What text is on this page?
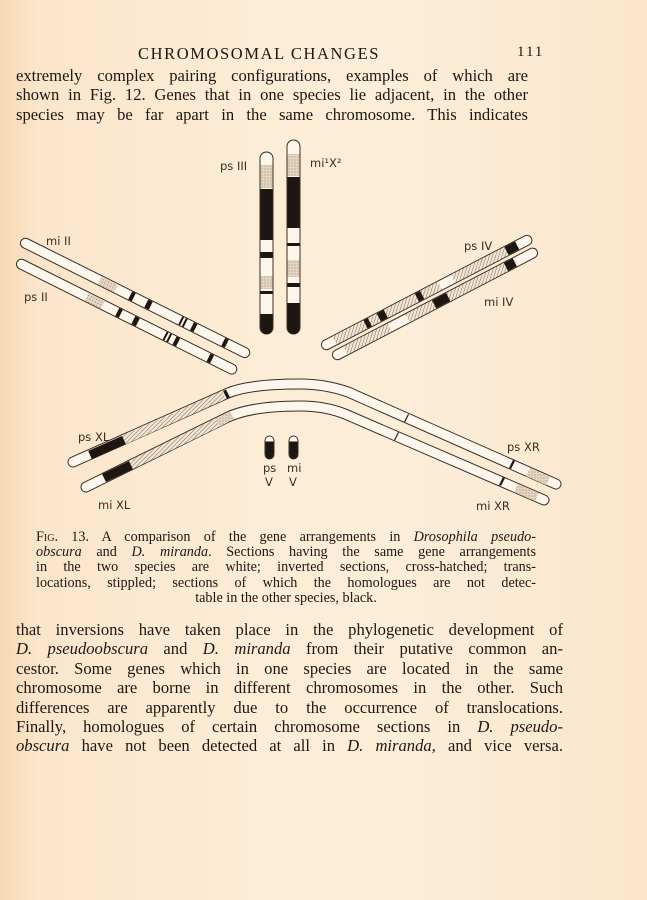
CHROMOSOMAL CHANGES	111
extremely complex pairing configurations, examples of which are
shown in Fig. 12. Genes that in one species lie adjacent, in the other
species may be far apart in the same chromosome. This indicates
ps III	mi¹X²
mi II
ps II
ps IV
mi IV
ps XL
ps XR
mi XL	mi XR
ps
V
mi
V
Fig. 13. A comparison of the gene arrangements in Drosophila pseudo-
obscura and D. miranda. Sections having the same gene arrangements
in the two species are white; inverted sections, cross-hatched; trans-
locations, stippled; sections of which the homologues are not detec-
table in the other species, black.
that inversions have taken place in the phylogenetic development of
D. pseudoobscura and D. miranda from their putative common an-
cestor. Some genes which in one species are located in the same
chromosome are borne in different chromosomes in the other. Such
differences are apparently due to the occurrence of translocations.
Finally, homologues of certain chromosome sections in D. pseudo-
obscura have not been detected at all in D. miranda, and vice versa.
